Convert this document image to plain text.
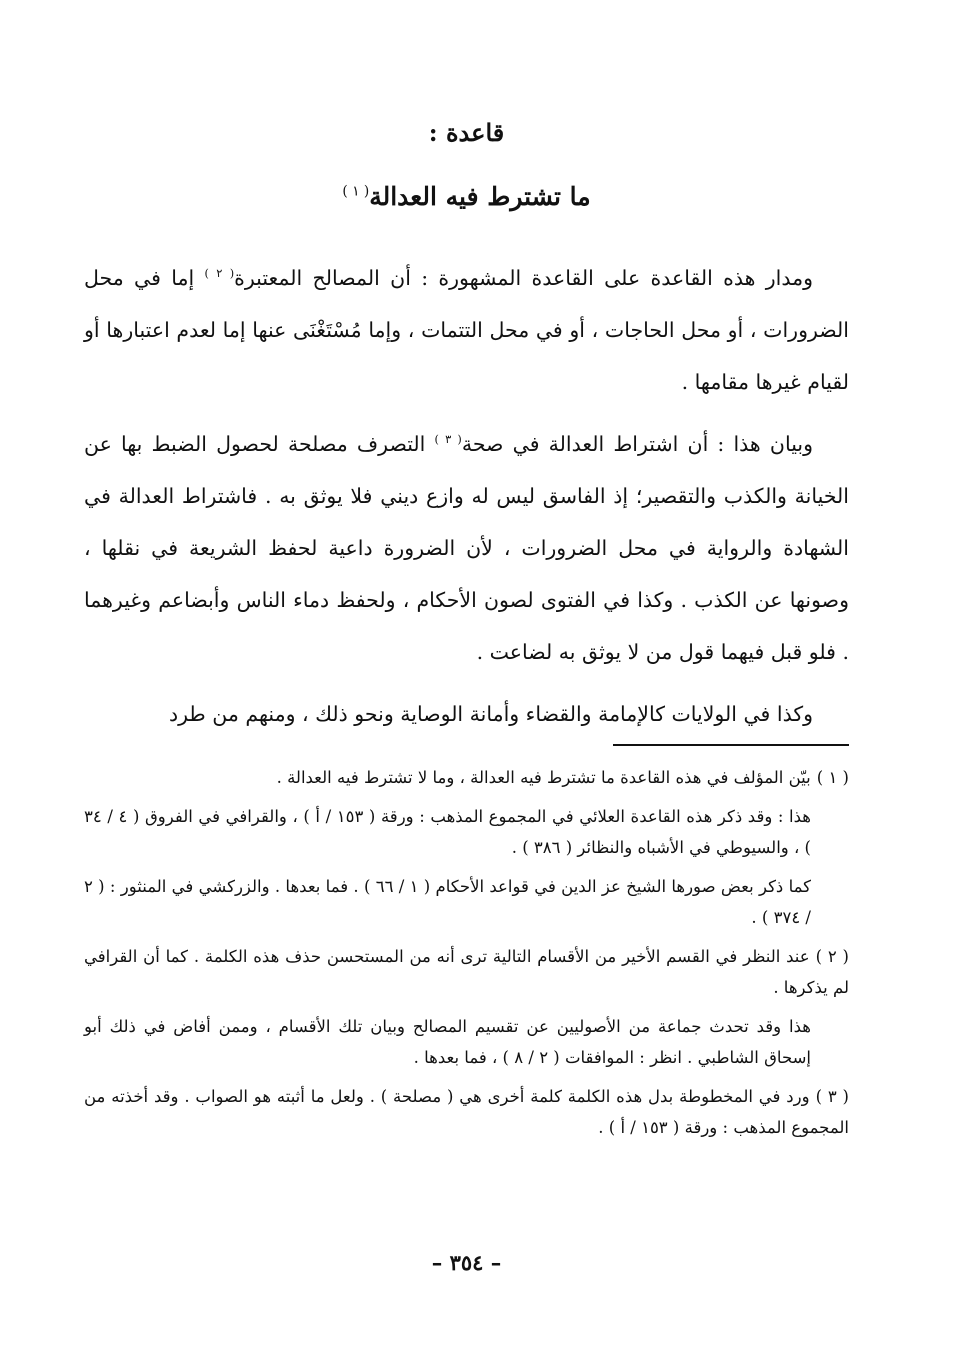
قاعدة :
ما تشترط فيه العدالة$^{( ١ )}$

ومدار هذه القاعدة على القاعدة المشهورة : أن المصالح المعتبرة$^{( ٢ )}$ إما في محل الضرورات ، أو محل الحاجات ، أو في محل التتمات ، وإما مُسْتَغْنَى عنها إما لعدم اعتبارها أو لقيام غيرها مقامها .

وبيان هذا : أن اشتراط العدالة في صحة$^{( ٣ )}$ التصرف مصلحة لحصول الضبط بها عن الخيانة والكذب والتقصير؛ إذ الفاسق ليس له وازع ديني فلا يوثق به . فاشتراط العدالة في الشهادة والرواية في محل الضرورات ، لأن الضرورة داعية لحفظ الشريعة في نقلها ، وصونها عن الكذب . وكذا في الفتوى لصون الأحكام ، ولحفظ دماء الناس وأبضاعم وغيرهما . فلو قبل فيهما قول من لا يوثق به لضاعت .

وكذا في الولايات كالإمامة والقضاء وأمانة الوصاية ونحو ذلك ، ومنهم من طرد

( ١ )بيّن المؤلف في هذه القاعدة ما تشترط فيه العدالة ، وما لا تشترط فيه العدالة .

هذا : وقد ذكر هذه القاعدة العلائي في المجموع المذهب : ورقة ( ١٥٣ / أ ) ، والقرافي في الفروق ( ٤ / ٣٤ ) ، والسيوطي في الأشباه والنظائر ( ٣٨٦ ) .

كما ذكر بعض صورها الشيخ عز الدين في قواعد الأحكام ( ١ / ٦٦ ) . فما بعدها . والزركشي في المنثور : ( ٢ / ٣٧٤ ) .

( ٢ )عند النظر في القسم الأخير من الأقسام التالية ترى أنه من المستحسن حذف هذه الكلمة . كما أن القرافي لم يذكرها .

هذا وقد تحدث جماعة من الأصوليين عن تقسيم المصالح وبيان تلك الأقسام ، وممن أفاض في ذلك أبو إسحاق الشاطبي . انظر : الموافقات ( ٢ / ٨ ) ، فما بعدها .

( ٣ )ورد في المخطوطة بدل هذه الكلمة كلمة أخرى هي ( مصلحة ) . ولعل ما أثبته هو الصواب . وقد أخذته من المجموع المذهب : ورقة ( ١٥٣ / أ ) .

– ٣٥٤ –
